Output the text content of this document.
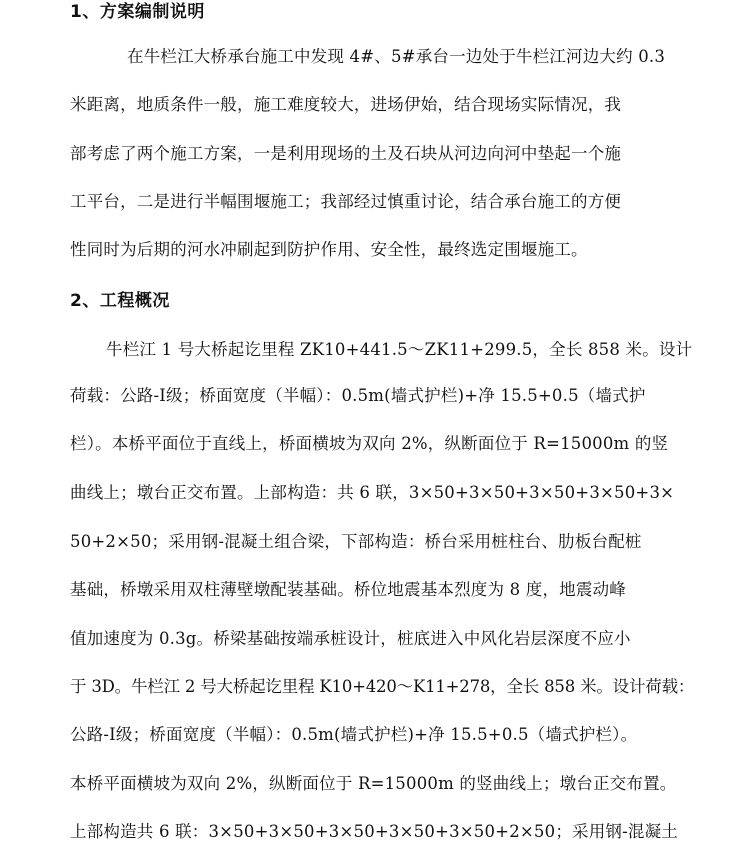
1、方案编制说明
在牛栏江大桥承台施工中发现 4#、5#承台一边处于牛栏江河边大约 0.3
米距离，地质条件一般，施工难度较大，进场伊始，结合现场实际情况，我
部考虑了两个施工方案，一是利用现场的土及石块从河边向河中垫起一个施
工平台，二是进行半幅围堰施工；我部经过慎重讨论，结合承台施工的方便
性同时为后期的河水冲刷起到防护作用、安全性，最终选定围堰施工。
2、工程概况
牛栏江 1 号大桥起讫里程 ZK10+441.5～ZK11+299.5，全长 858 米。设计
荷载：公路-Ⅰ级；桥面宽度（半幅）：0.5m(墙式护栏)+净 15.5+0.5（墙式护
栏）。本桥平面位于直线上，桥面横坡为双向 2%，纵断面位于 R=15000m 的竖
曲线上；墩台正交布置。上部构造：共 6 联，3×50+3×50+3×50+3×50+3×
50+2×50；采用钢-混凝土组合梁，下部构造：桥台采用桩柱台、肋板台配桩
基础，桥墩采用双柱薄壁墩配装基础。桥位地震基本烈度为 8 度，地震动峰
值加速度为 0.3g。桥梁基础按端承桩设计，桩底进入中风化岩层深度不应小
于 3D。牛栏江 2 号大桥起讫里程 K10+420～K11+278，全长 858 米。设计荷载：
公路-Ⅰ级；桥面宽度（半幅）：0.5m(墙式护栏)+净 15.5+0.5（墙式护栏）。
本桥平面横坡为双向 2%，纵断面位于 R=15000m 的竖曲线上；墩台正交布置。
上部构造共 6 联：3×50+3×50+3×50+3×50+3×50+2×50；采用钢-混凝土
